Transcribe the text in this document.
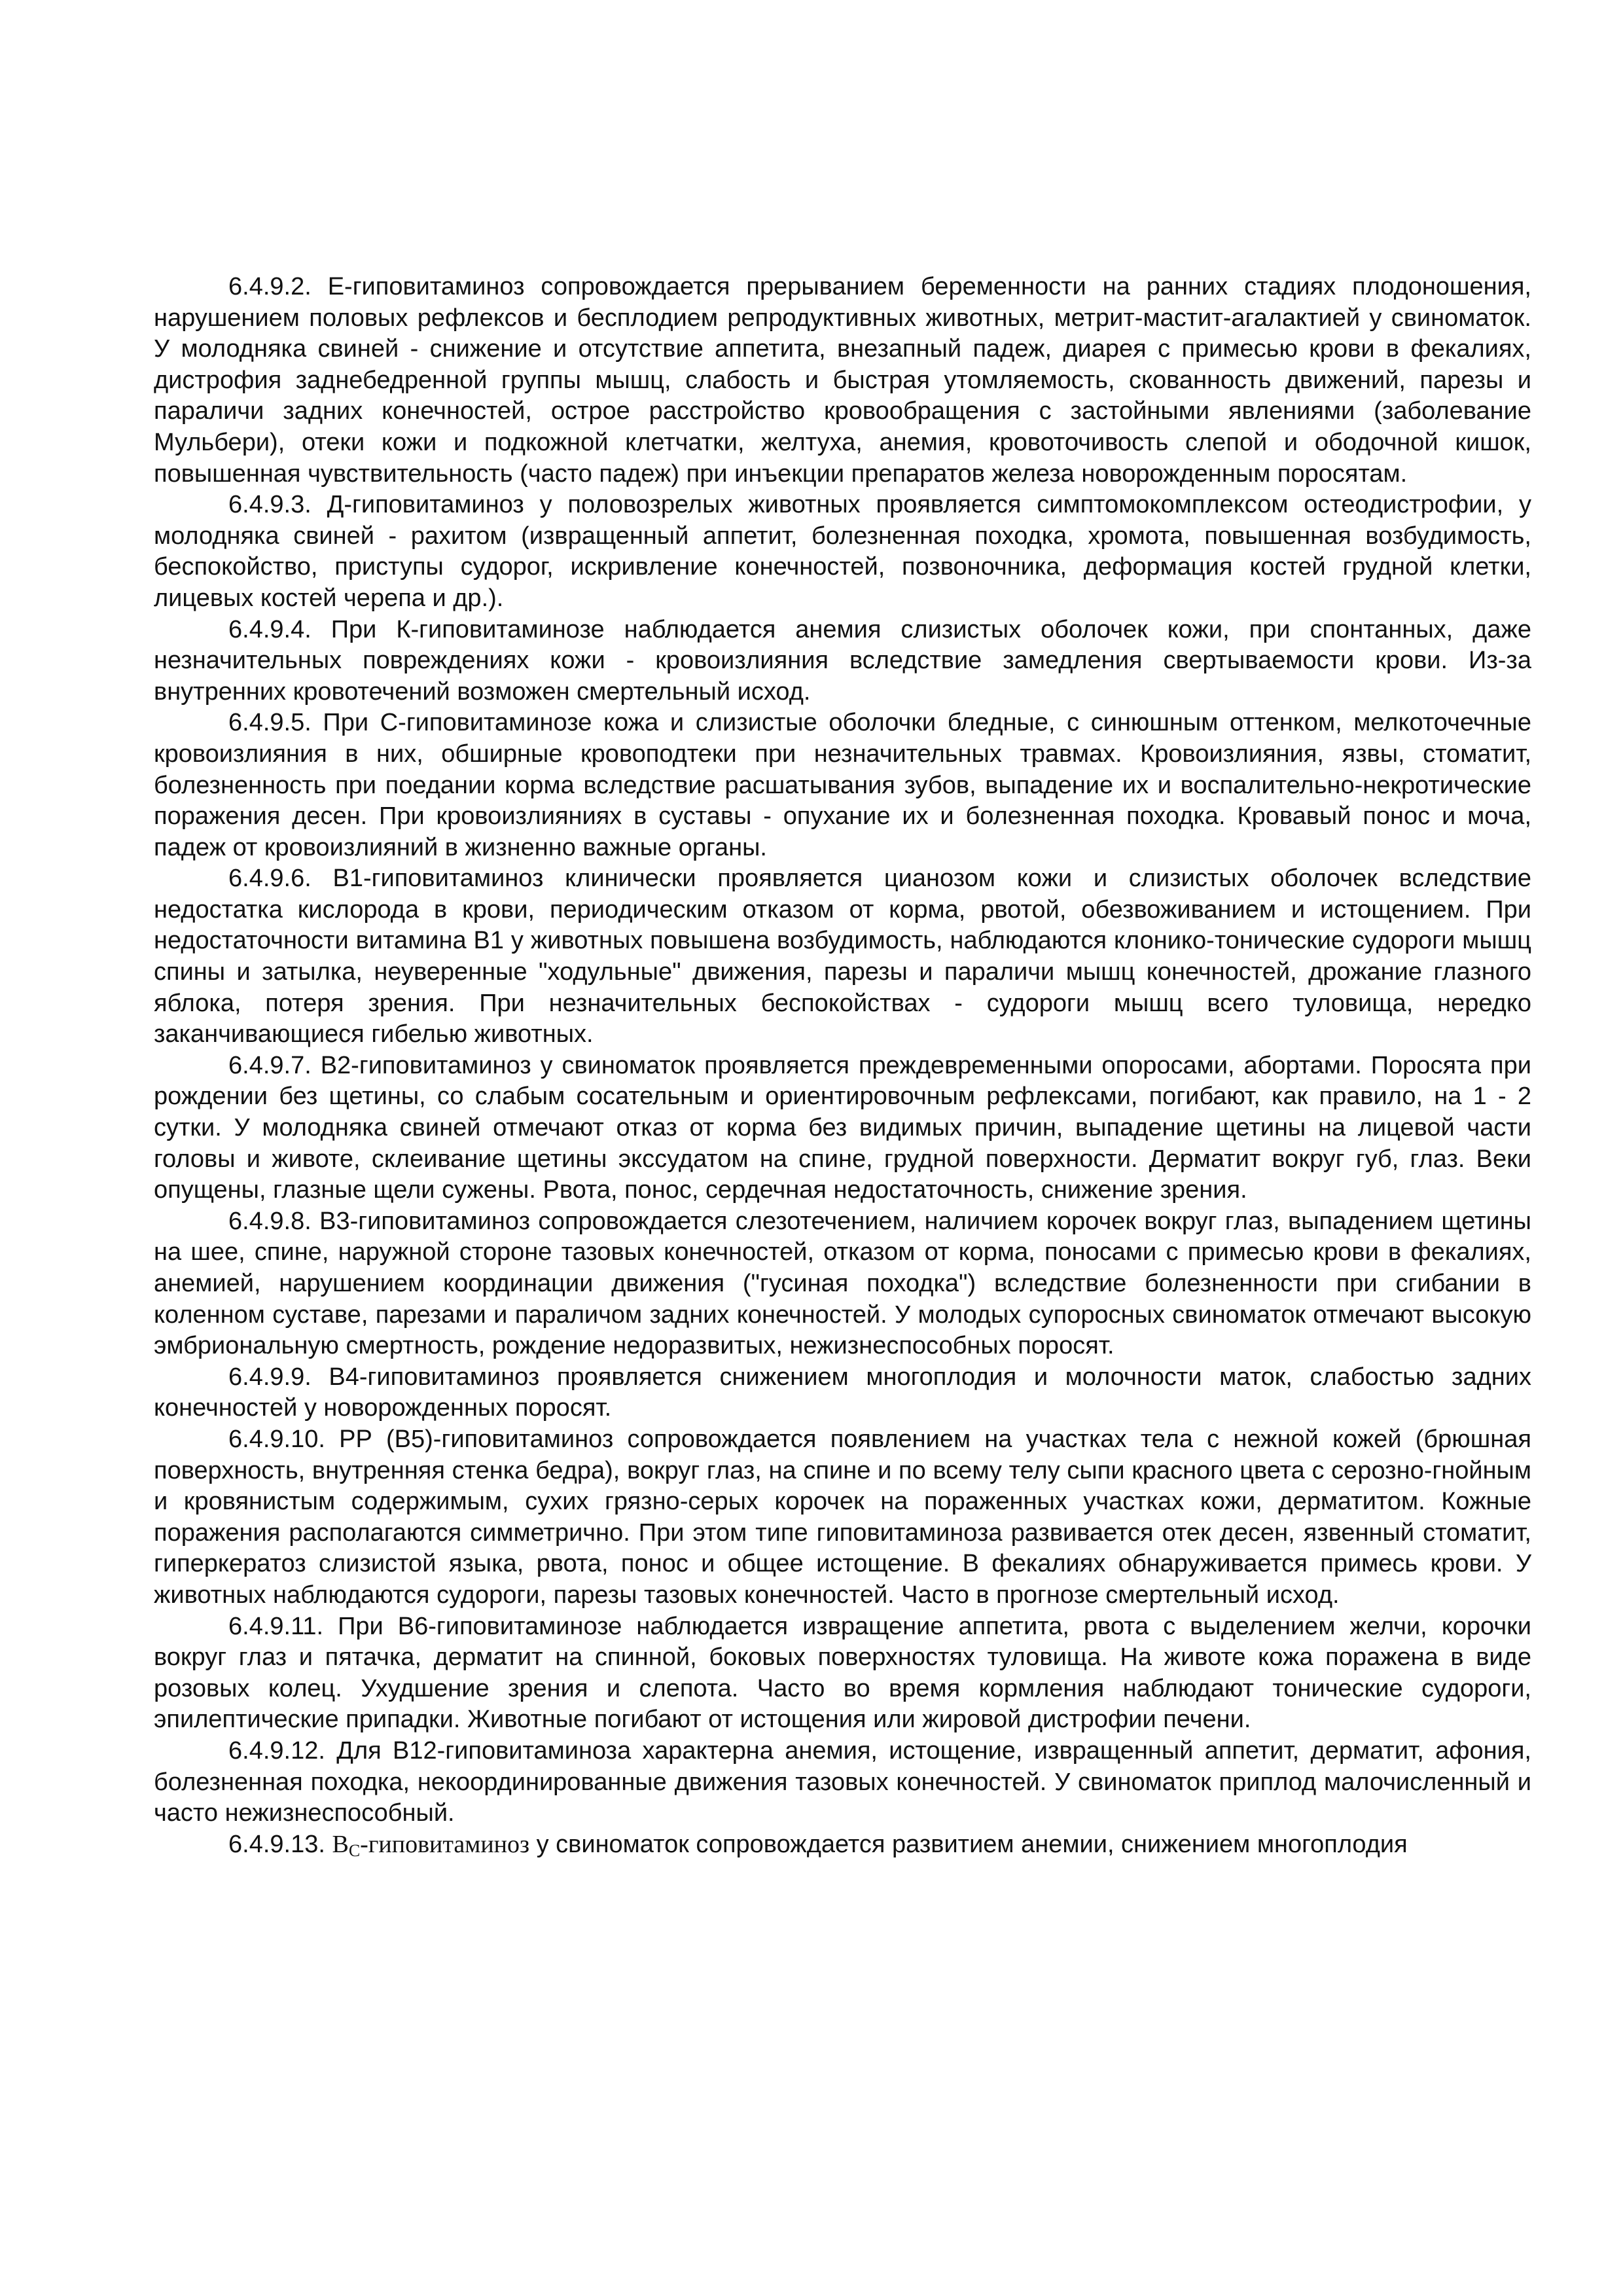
6.4.9.2. Е-гиповитаминоз сопровождается прерыванием беременности на ранних стадиях плодоношения, нарушением половых рефлексов и бесплодием репродуктивных животных, метрит-мастит-агалактией у свиноматок. У молодняка свиней - снижение и отсутствие аппетита, внезапный падеж, диарея с примесью крови в фекалиях, дистрофия заднебедренной группы мышц, слабость и быстрая утомляемость, скованность движений, парезы и параличи задних конечностей, острое расстройство кровообращения с застойными явлениями (заболевание Мульбери), отеки кожи и подкожной клетчатки, желтуха, анемия, кровоточивость слепой и ободочной кишок, повышенная чувствительность (часто падеж) при инъекции препаратов железа новорожденным поросятам.

6.4.9.3. Д-гиповитаминоз у половозрелых животных проявляется симптомокомплексом остеодистрофии, у молодняка свиней - рахитом (извращенный аппетит, болезненная походка, хромота, повышенная возбудимость, беспокойство, приступы судорог, искривление конечностей, позвоночника, деформация костей грудной клетки, лицевых костей черепа и др.).

6.4.9.4. При К-гиповитаминозе наблюдается анемия слизистых оболочек кожи, при спонтанных, даже незначительных повреждениях кожи - кровоизлияния вследствие замедления свертываемости крови. Из-за внутренних кровотечений возможен смертельный исход.

6.4.9.5. При С-гиповитаминозе кожа и слизистые оболочки бледные, с синюшным оттенком, мелкоточечные кровоизлияния в них, обширные кровоподтеки при незначительных травмах. Кровоизлияния, язвы, стоматит, болезненность при поедании корма вследствие расшатывания зубов, выпадение их и воспалительно-некротические поражения десен. При кровоизлияниях в суставы - опухание их и болезненная походка. Кровавый понос и моча, падеж от кровоизлияний в жизненно важные органы.

6.4.9.6. В1-гиповитаминоз клинически проявляется цианозом кожи и слизистых оболочек вследствие недостатка кислорода в крови, периодическим отказом от корма, рвотой, обезвоживанием и истощением. При недостаточности витамина В1 у животных повышена возбудимость, наблюдаются клонико-тонические судороги мышц спины и затылка, неуверенные "ходульные" движения, парезы и параличи мышц конечностей, дрожание глазного яблока, потеря зрения. При незначительных беспокойствах - судороги мышц всего туловища, нередко заканчивающиеся гибелью животных.

6.4.9.7. В2-гиповитаминоз у свиноматок проявляется преждевременными опоросами, абортами. Поросята при рождении без щетины, со слабым сосательным и ориентировочным рефлексами, погибают, как правило, на 1 - 2 сутки. У молодняка свиней отмечают отказ от корма без видимых причин, выпадение щетины на лицевой части головы и животе, склеивание щетины экссудатом на спине, грудной поверхности. Дерматит вокруг губ, глаз. Веки опущены, глазные щели сужены. Рвота, понос, сердечная недостаточность, снижение зрения.

6.4.9.8. В3-гиповитаминоз сопровождается слезотечением, наличием корочек вокруг глаз, выпадением щетины на шее, спине, наружной стороне тазовых конечностей, отказом от корма, поносами с примесью крови в фекалиях, анемией, нарушением координации движения ("гусиная походка") вследствие болезненности при сгибании в коленном суставе, парезами и параличом задних конечностей. У молодых супоросных свиноматок отмечают высокую эмбриональную смертность, рождение недоразвитых, нежизнеспособных поросят.

6.4.9.9. В4-гиповитаминоз проявляется снижением многоплодия и молочности маток, слабостью задних конечностей у новорожденных поросят.

6.4.9.10. РР (В5)-гиповитаминоз сопровождается появлением на участках тела с нежной кожей (брюшная поверхность, внутренняя стенка бедра), вокруг глаз, на спине и по всему телу сыпи красного цвета с серозно-гнойным и кровянистым содержимым, сухих грязно-серых корочек на пораженных участках кожи, дерматитом. Кожные поражения располагаются симметрично. При этом типе гиповитаминоза развивается отек десен, язвенный стоматит, гиперкератоз слизистой языка, рвота, понос и общее истощение. В фекалиях обнаруживается примесь крови. У животных наблюдаются судороги, парезы тазовых конечностей. Часто в прогнозе смертельный исход.

6.4.9.11. При В6-гиповитаминозе наблюдается извращение аппетита, рвота с выделением желчи, корочки вокруг глаз и пятачка, дерматит на спинной, боковых поверхностях туловища. На животе кожа поражена в виде розовых колец. Ухудшение зрения и слепота. Часто во время кормления наблюдают тонические судороги, эпилептические припадки. Животные погибают от истощения или жировой дистрофии печени.

6.4.9.12. Для В12-гиповитаминоза характерна анемия, истощение, извращенный аппетит, дерматит, афония, болезненная походка, некоординированные движения тазовых конечностей. У свиноматок приплод малочисленный и часто нежизнеспособный.

6.4.9.13. $В_С$-гиповитаминоз у свиноматок сопровождается развитием анемии, снижением многоплодия
